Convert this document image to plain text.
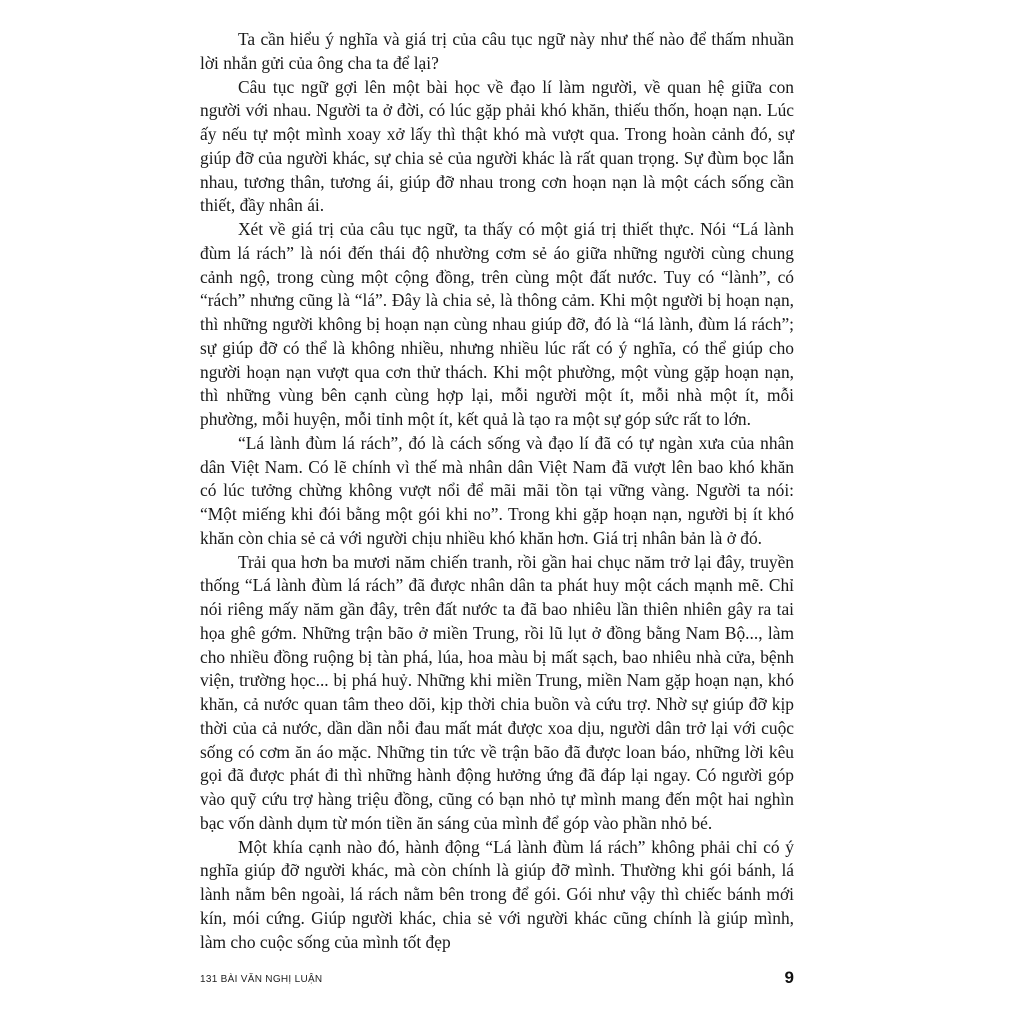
Ta cần hiểu ý nghĩa và giá trị của câu tục ngữ này như thế nào để thấm nhuần lời nhắn gửi của ông cha ta để lại?

Câu tục ngữ gợi lên một bài học về đạo lí làm người, về quan hệ giữa con người với nhau. Người ta ở đời, có lúc gặp phải khó khăn, thiếu thốn, hoạn nạn. Lúc ấy nếu tự một mình xoay xở lấy thì thật khó mà vượt qua. Trong hoàn cảnh đó, sự giúp đỡ của người khác, sự chia sẻ của người khác là rất quan trọng. Sự đùm bọc lẫn nhau, tương thân, tương ái, giúp đỡ nhau trong cơn hoạn nạn là một cách sống cần thiết, đầy nhân ái.

Xét về giá trị của câu tục ngữ, ta thấy có một giá trị thiết thực. Nói “Lá lành đùm lá rách” là nói đến thái độ nhường cơm sẻ áo giữa những người cùng chung cảnh ngộ, trong cùng một cộng đồng, trên cùng một đất nước. Tuy có “lành”, có “rách” nhưng cũng là “lá”. Đây là chia sẻ, là thông cảm. Khi một người bị hoạn nạn, thì những người không bị hoạn nạn cùng nhau giúp đỡ, đó là “lá lành, đùm lá rách”; sự giúp đỡ có thể là không nhiều, nhưng nhiều lúc rất có ý nghĩa, có thể giúp cho người hoạn nạn vượt qua cơn thử thách. Khi một phường, một vùng gặp hoạn nạn, thì những vùng bên cạnh cùng hợp lại, mỗi người một ít, mỗi nhà một ít, mỗi phường, mỗi huyện, mỗi tỉnh một ít, kết quả là tạo ra một sự góp sức rất to lớn.

“Lá lành đùm lá rách”, đó là cách sống và đạo lí đã có tự ngàn xưa của nhân dân Việt Nam. Có lẽ chính vì thế mà nhân dân Việt Nam đã vượt lên bao khó khăn có lúc tưởng chừng không vượt nổi để mãi mãi tồn tại vững vàng. Người ta nói: “Một miếng khi đói bằng một gói khi no”. Trong khi gặp hoạn nạn, người bị ít khó khăn còn chia sẻ cả với người chịu nhiều khó khăn hơn. Giá trị nhân bản là ở đó.

Trải qua hơn ba mươi năm chiến tranh, rồi gần hai chục năm trở lại đây, truyền thống “Lá lành đùm lá rách” đã được nhân dân ta phát huy một cách mạnh mẽ. Chỉ nói riêng mấy năm gần đây, trên đất nước ta đã bao nhiêu lần thiên nhiên gây ra tai họa ghê gớm. Những trận bão ở miền Trung, rồi lũ lụt ở đồng bằng Nam Bộ..., làm cho nhiều đồng ruộng bị tàn phá, lúa, hoa màu bị mất sạch, bao nhiêu nhà cửa, bệnh viện, trường học... bị phá huỷ. Những khi miền Trung, miền Nam gặp hoạn nạn, khó khăn, cả nước quan tâm theo dõi, kịp thời chia buồn và cứu trợ. Nhờ sự giúp đỡ kịp thời của cả nước, dần dần nỗi đau mất mát được xoa dịu, người dân trở lại với cuộc sống có cơm ăn áo mặc. Những tin tức về trận bão đã được loan báo, những lời kêu gọi đã được phát đi thì những hành động hưởng ứng đã đáp lại ngay. Có người góp vào quỹ cứu trợ hàng triệu đồng, cũng có bạn nhỏ tự mình mang đến một hai nghìn bạc vốn dành dụm từ món tiền ăn sáng của mình để góp vào phần nhỏ bé.

Một khía cạnh nào đó, hành động “Lá lành đùm lá rách” không phải chỉ có ý nghĩa giúp đỡ người khác, mà còn chính là giúp đỡ mình. Thường khi gói bánh, lá lành nằm bên ngoài, lá rách nằm bên trong để gói. Gói như vậy thì chiếc bánh mới kín, mói cứng. Giúp người khác, chia sẻ với người khác cũng chính là giúp mình, làm cho cuộc sống của mình tốt đẹp

131 BÀI VĂN NGHỊ LUẬN	9
